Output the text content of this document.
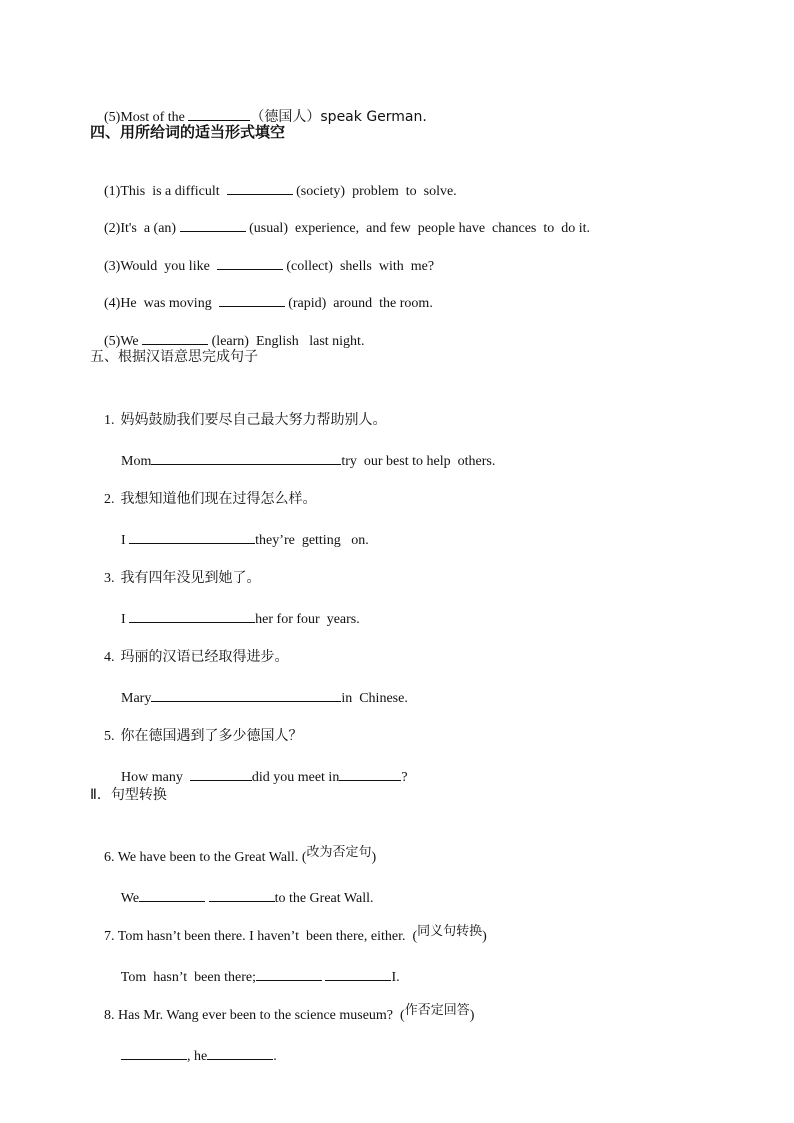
(5)Most of the	（德国人）speak German.

四、用所给词的适当形式填空

(1)This  is a difficult	(society)  problem  to  solve.

(2)It's  a (an)	(usual)  experience,  and few  people have  chances  to  do it.

(3)Would  you like	(collect)  shells  with  me?

(4)He  was moving	(rapid)  around  the room.

(5)We	(learn)  English   last night.

五、根据汉语意思完成句子

1. 妈妈鼓励我们要尽自己最大努力帮助别人。

Mom	try  our best to help  others.

2. 我想知道他们现在过得怎么样。

I	they’re  getting   on.

3. 我有四年没见到她了。

I	her for four  years.

4. 玛丽的汉语已经取得进步。

Mary	in  Chinese.

5. 你在德国遇到了多少德国人？

How many	did you meet in	?

Ⅱ．句型转换

6. We have been to the Great Wall. (改为否定句)

We	to the Great Wall.

7. Tom hasn’t been there. I haven’t  been there, either.  (同义句转换)

Tom  hasn’t  been there;	I.

8. Has Mr. Wang ever been to the science museum?  (作否定回答)

, he	.
